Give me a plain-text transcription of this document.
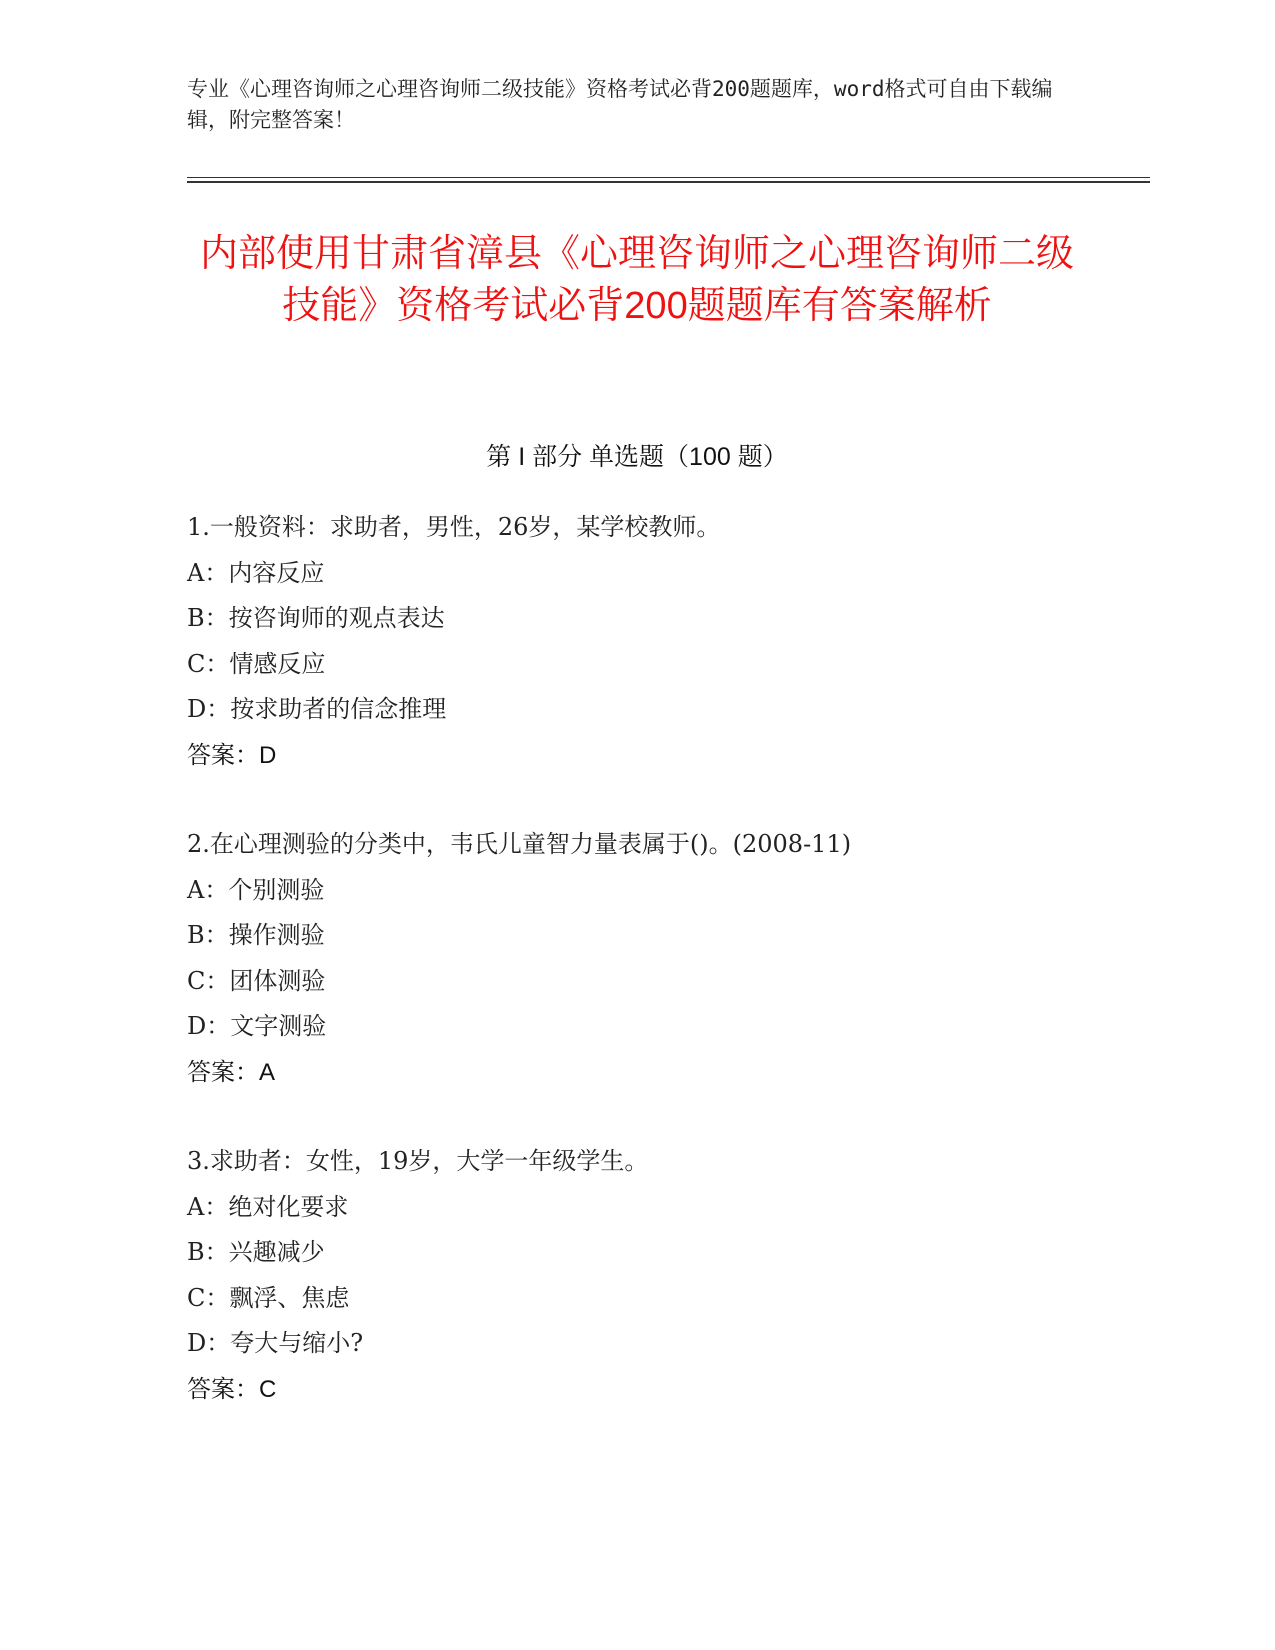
专业《心理咨询师之心理咨询师二级技能》资格考试必背200题题库，word格式可自由下载编辑，附完整答案！
内部使用甘肃省漳县《心理咨询师之心理咨询师二级技能》资格考试必背200题题库有答案解析
第 I 部分 单选题（100 题）
1.一般资料：求助者，男性，26岁，某学校教师。
A：内容反应
B：按咨询师的观点表达
C：情感反应
D：按求助者的信念推理
答案：D
2.在心理测验的分类中，韦氏儿童智力量表属于()。(2008-11)
A：个别测验
B：操作测验
C：团体测验
D：文字测验
答案：A
3.求助者：女性，19岁，大学一年级学生。
A：绝对化要求
B：兴趣减少
C：飘浮、焦虑
D：夸大与缩小?
答案：C
